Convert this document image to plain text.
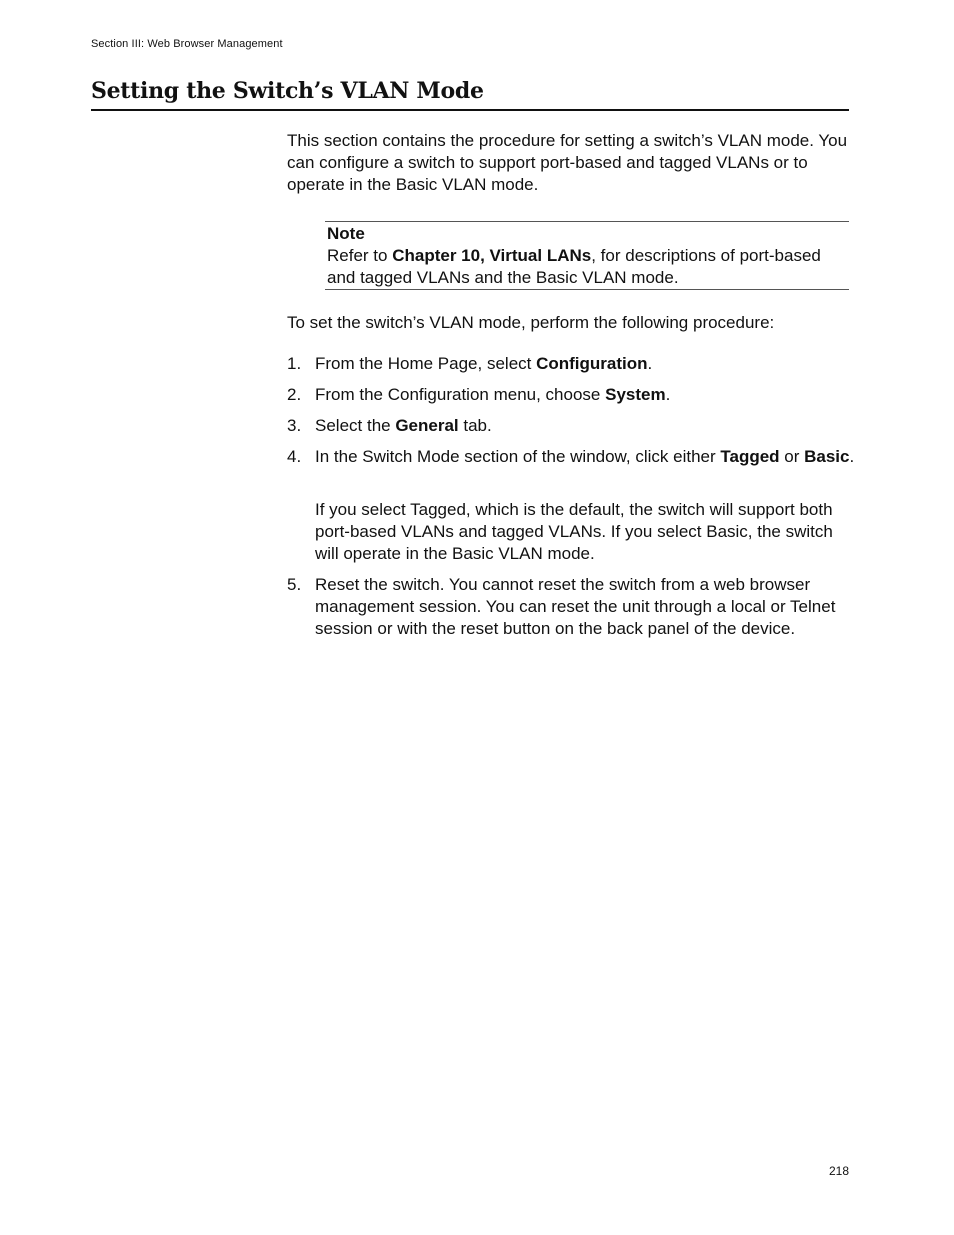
Section III: Web Browser Management
Setting the Switch’s VLAN Mode

This section contains the procedure for setting a switch’s VLAN mode. You can configure a switch to support port-based and tagged VLANs or to operate in the Basic VLAN mode.

Note

Refer to Chapter 10, Virtual LANs, for descriptions of port-based and tagged VLANs and the Basic VLAN mode.

To set the switch’s VLAN mode, perform the following procedure:

1. From the Home Page, select Configuration.

2. From the Configuration menu, choose System.

3. Select the General tab.

4. In the Switch Mode section of the window, click either Tagged or Basic.

If you select Tagged, which is the default, the switch will support both port-based VLANs and tagged VLANs. If you select Basic, the switch will operate in the Basic VLAN mode.

5. Reset the switch. You cannot reset the switch from a web browser management session. You can reset the unit through a local or Telnet session or with the reset button on the back panel of the device.

218
